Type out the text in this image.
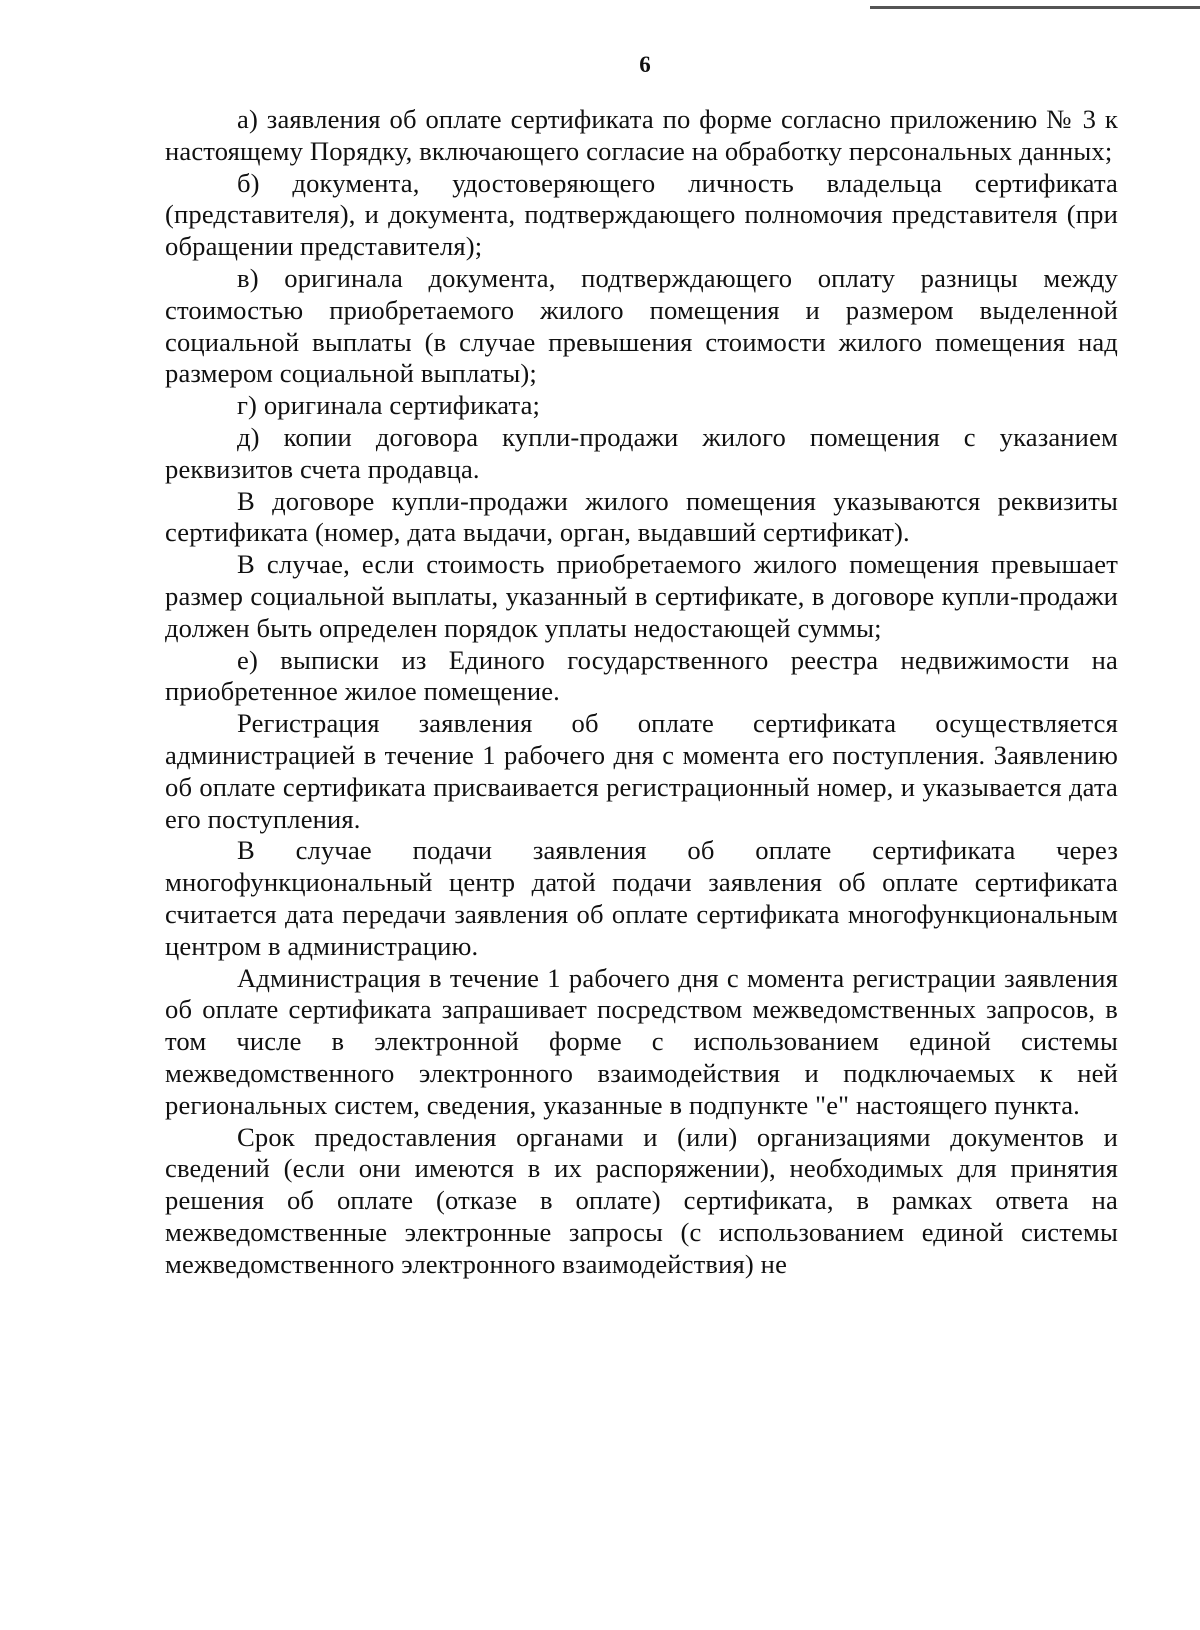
6

а) заявления об оплате сертификата по форме согласно приложению № 3 к настоящему Порядку, включающего согласие на обработку персональных данных;

б) документа, удостоверяющего личность владельца сертификата (представителя), и документа, подтверждающего полномочия представителя (при обращении представителя);

в) оригинала документа, подтверждающего оплату разницы между стоимостью приобретаемого жилого помещения и размером выделенной социальной выплаты (в случае превышения стоимости жилого помещения над размером социальной выплаты);

г) оригинала сертификата;

д) копии договора купли-продажи жилого помещения с указанием реквизитов счета продавца.

В договоре купли-продажи жилого помещения указываются реквизиты сертификата (номер, дата выдачи, орган, выдавший сертификат).

В случае, если стоимость приобретаемого жилого помещения превышает размер социальной выплаты, указанный в сертификате, в договоре купли-продажи должен быть определен порядок уплаты недостающей суммы;

е) выписки из Единого государственного реестра недвижимости на приобретенное жилое помещение.

Регистрация заявления об оплате сертификата осуществляется администрацией в течение 1 рабочего дня с момента его поступления. Заявлению об оплате сертификата присваивается регистрационный номер, и указывается дата его поступления.

В случае подачи заявления об оплате сертификата через многофункциональный центр датой подачи заявления об оплате сертификата считается дата передачи заявления об оплате сертификата многофункциональным центром в администрацию.

Администрация в течение 1 рабочего дня с момента регистрации заявления об оплате сертификата запрашивает посредством межведомственных запросов, в том числе в электронной форме с использованием единой системы межведомственного электронного взаимодействия и подключаемых к ней региональных систем, сведения, указанные в подпункте "е" настоящего пункта.

Срок предоставления органами и (или) организациями документов и сведений (если они имеются в их распоряжении), необходимых для принятия решения об оплате (отказе в оплате) сертификата, в рамках ответа на межведомственные электронные запросы (с использованием единой системы межведомственного электронного взаимодействия) не
